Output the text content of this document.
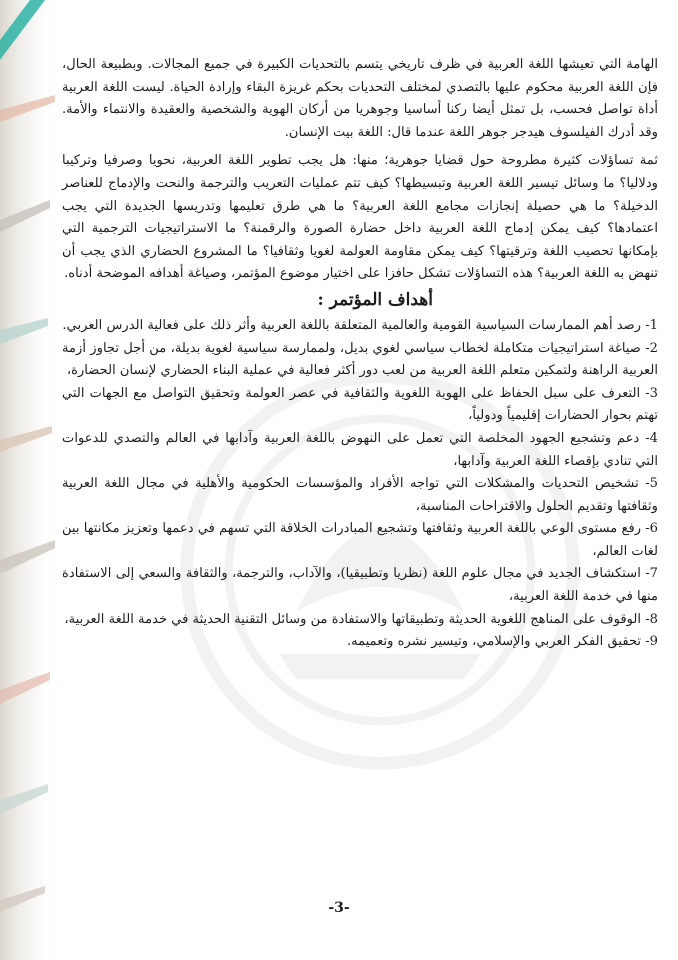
الهامة التي تعيشها اللغة العربية في ظرف تاريخي يتسم بالتحديات الكبيرة في جميع المجالات. وبطبيعة الحال، فإن اللغة العربية محكوم عليها بالتصدي لمختلف التحديات بحكم غريزة البقاء وإرادة الحياة. ليست اللغة العربية أداة تواصل فحسب، بل تمثل أيضا ركنا أساسيا وجوهريا من أركان الهوية والشخصية والعقيدة والانتماء والأمة. وقد أدرك الفيلسوف هيدجر جوهر اللغة عندما قال: اللغة بيت الإنسان.

ثمة تساؤلات كثيرة مطروحة حول قضايا جوهرية؛ منها: هل يجب تطوير اللغة العربية، نحويا وصرفيا وتركيبا ودلاليا؟ ما وسائل تيسير اللغة العربية وتبسيطها؟ كيف تتم عمليات التعريب والترجمة والنحت والإدماج للعناصر الدخيلة؟ ما هي حصيلة إنجازات مجامع اللغة العربية؟ ما هي طرق تعليمها وتدريسها الجديدة التي يجب اعتمادها؟ كيف يمكن إدماج اللغة العربية داخل حضارة الصورة والرقمنة؟ ما الاستراتيجيات الترجمية التي بإمكانها تحصيب اللغة وترقيتها؟ كيف يمكن مقاومة العولمة لغويا وثقافيا؟ ما المشروع الحضاري الذي يجب أن تنهض به اللغة العربية؟ هذه التساؤلات تشكل حافزا على اختيار موضوع المؤتمر، وصياغة أهدافه الموضحة أدناه.

أهداف المؤتمر :

1- رصد أهم الممارسات السياسية القومية والعالمية المتعلقة باللغة العربية وأثر ذلك على فعالية الدرس العربي.

2- صياغة استراتيجيات متكاملة لخطاب سياسي لغوي بديل، ولممارسة سياسية لغوية بديلة، من أجل تجاوز أزمة العربية الراهنة ولتمكين متعلم اللغة العربية من لعب دور أكثر فعالية في عملية البناء الحضاري لإنسان الحضارة،

3- التعرف على سبل الحفاظ على الهوية اللغوية والثقافية في عصر العولمة وتحقيق التواصل مع الجهات التي تهتم بحوار الحضارات إقليمياً ودولياً،

4- دعم وتشجيع الجهود المخلصة التي تعمل على النهوض باللغة العربية وآدابها في العالم والتصدي للدعوات التي تنادي بإقصاء اللغة العربية وآدابها،

5- تشخيص التحديات والمشكلات التي تواجه الأفراد والمؤسسات الحكومية والأهلية في مجال اللغة العربية وثقافتها وتقديم الحلول والاقتراحات المناسبة،

6- رفع مستوى الوعي باللغة العربية وثقافتها وتشجيع المبادرات الخلاقة التي تسهم في دعمها وتعزيز مكانتها بين لغات العالم،

7- استكشاف الجديد في مجال علوم اللغة (نظريا وتطبيقيا)، والآداب، والترجمة، والثقافة والسعي إلى الاستفادة منها في خدمة اللغة العربية،

8- الوقوف على المناهج اللغوية الحديثة وتطبيقاتها والاستفادة من وسائل التقنية الحديثة في خدمة اللغة العربية،

9- تحقيق الفكر العربي والإسلامي، وتيسير نشره وتعميمه.

-3-
